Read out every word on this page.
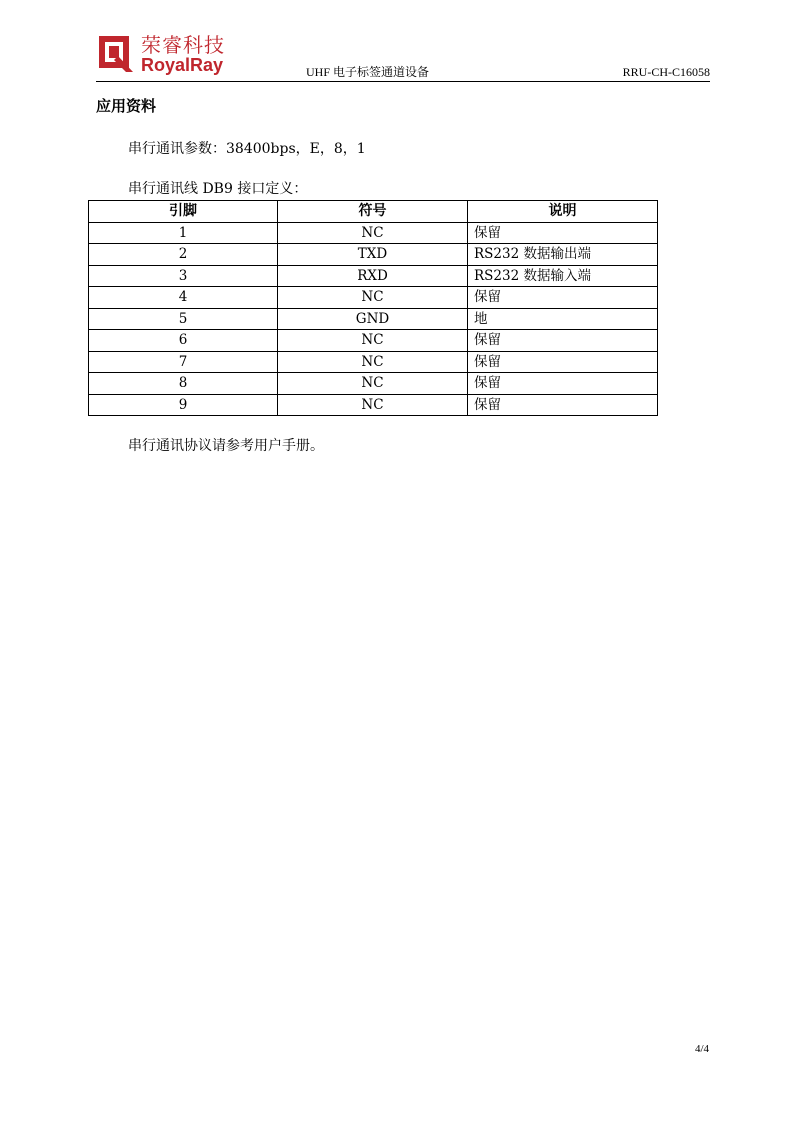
荣睿科技
RoyalRay	UHF 电子标签通道设备	RRU-CH-C16058
应用资料
串行通讯参数：38400bps，E，8，1
串行通讯线 DB9 接口定义：
引脚	符号	说明
1	NC	保留
2	TXD	RS232 数据输出端
3	RXD	RS232 数据输入端
4	NC	保留
5	GND	地
6	NC	保留
7	NC	保留
8	NC	保留
9	NC	保留
串行通讯协议请参考用户手册。
4/4
